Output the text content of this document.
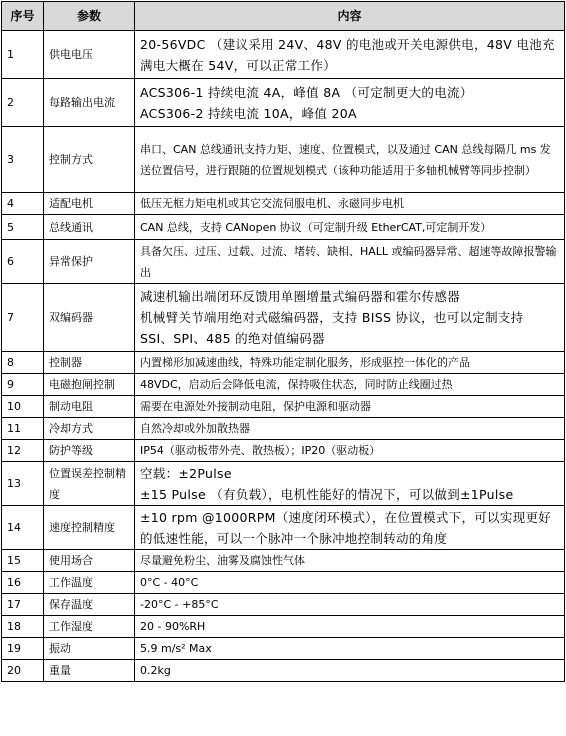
序号	参数	内容
1	供电电压	20-56VDC （建议采用 24V、48V 的电池或开关电源供电，48V 电池充满电大概在 54V，可以正常工作）

2	每路输出电流	ACS306-1 持续电流 4A，峰值 8A （可定制更大的电流）
ACS306-2 持续电流 10A，峰值 20A

3	控制方式	串口、CAN 总线通讯支持力矩、速度、位置模式，以及通过 CAN 总线每隔几 ms 发送位置信号，进行跟随的位置规划模式（该种功能适用于多轴机械臂等同步控制）

4	适配电机	低压无框力矩电机或其它交流伺服电机、永磁同步电机

5	总线通讯	CAN 总线，支持 CANopen 协议（可定制升级 EtherCAT,可定制开发）

6	异常保护	具备欠压、过压、过载、过流、堵转、缺相、HALL 或编码器异常、超速等故障报警输出

7	双编码器	减速机输出端闭环反馈用单圈增量式编码器和霍尔传感器
机械臂关节端用绝对式磁编码器，支持 BISS 协议，也可以定制支持 SSI、SPI、485 的绝对值编码器

8	控制器	内置梯形加减速曲线，特殊功能定制化服务，形成驱控一体化的产品

9	电磁抱闸控制	48VDC，启动后会降低电流，保持吸住状态，同时防止线圈过热

10	制动电阻	需要在电源处外接制动电阻，保护电源和驱动器

11	冷却方式	自然冷却或外加散热器

12	防护等级	IP54（驱动板带外壳、散热板）；IP20（驱动板）

13	位置误差控制精度	空载：±2Pulse
±15 Pulse （有负载），电机性能好的情况下，可以做到±1Pulse

14	速度控制精度	±10 rpm @1000RPM（速度闭环模式），在位置模式下，可以实现更好的低速性能，可以一个脉冲一个脉冲地控制转动的角度

15	使用场合	尽量避免粉尘、油雾及腐蚀性气体

16	工作温度	0°C - 40°C

17	保存温度	-20°C - +85°C

18	工作湿度	20 - 90%RH

19	振动	5.9 m/s² Max

20	重量	0.2kg
